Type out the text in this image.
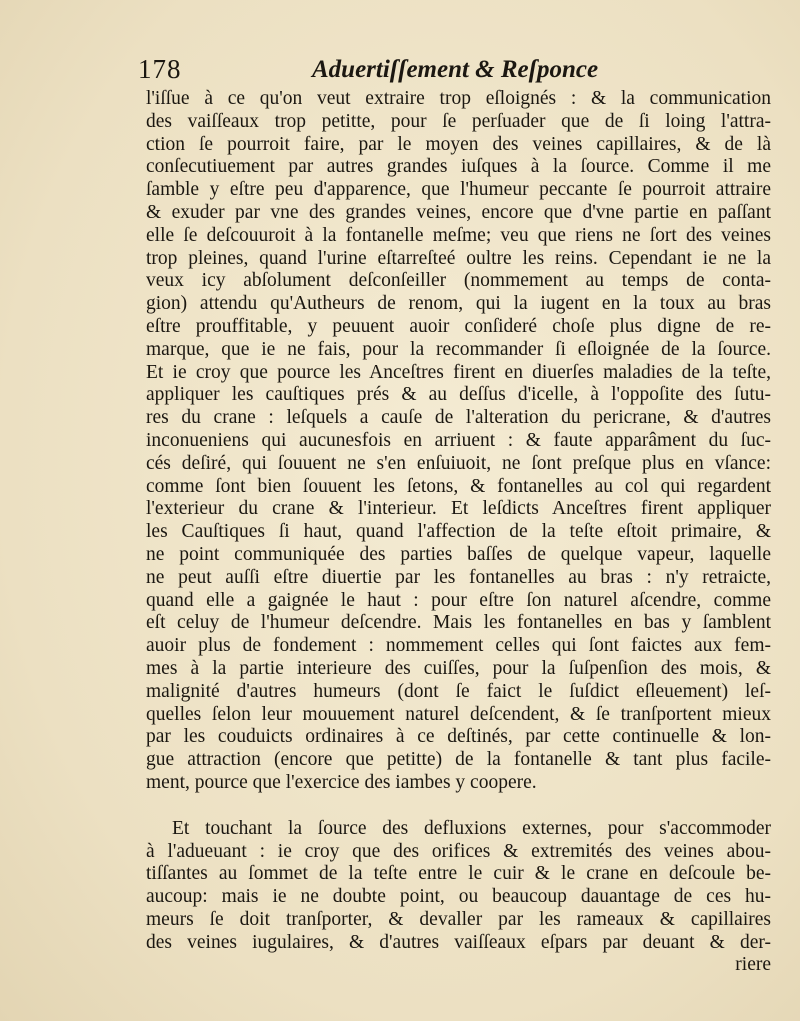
178	Aduertiſſement & Reſponce
l'iſſue à ce qu'on veut extraire trop eſloignés : & la communication
des vaiſſeaux trop petitte, pour ſe perſuader que de ſi loing l'attra-
ction ſe pourroit faire, par le moyen des veines capillaires, & de là
conſecutiuement par autres grandes iuſques à la ſource. Comme il me
ſamble y eſtre peu d'apparence, que l'humeur peccante ſe pourroit attraire
& exuder par vne des grandes veines, encore que d'vne partie en paſſant
elle ſe deſcouuroit à la fontanelle meſme; veu que riens ne ſort des veines
trop pleines, quand l'urine eſtarreſteé oultre les reins. Cependant ie ne la
veux icy abſolument deſconſeiller (nommement au temps de conta-
gion) attendu qu'Autheurs de renom, qui la iugent en la toux au bras
eſtre prouffitable, y peuuent auoir conſideré choſe plus digne de re-
marque, que ie ne fais, pour la recommander ſi eſloignée de la ſource.
Et ie croy que pource les Anceſtres firent en diuerſes maladies de la teſte,
appliquer les cauſtiques prés & au deſſus d'icelle, à l'oppoſite des ſutu-
res du crane : leſquels a cauſe de l'alteration du pericrane, & d'autres
inconueniens qui aucunesfois en arriuent : & faute apparâment du ſuc-
cés deſiré, qui ſouuent ne s'en enſuiuoit, ne ſont preſque plus en vſance:
comme ſont bien ſouuent les ſetons, & fontanelles au col qui regardent
l'exterieur du crane & l'interieur. Et leſdicts Anceſtres firent appliquer
les Cauſtiques ſi haut, quand l'affection de la teſte eſtoit primaire, &
ne point communiquée des parties baſſes de quelque vapeur, laquelle
ne peut auſſi eſtre diuertie par les fontanelles au bras : n'y retraicte,
quand elle a gaignée le haut : pour eſtre ſon naturel aſcendre, comme
eſt celuy de l'humeur deſcendre. Mais les fontanelles en bas y ſamblent
auoir plus de fondement : nommement celles qui ſont faictes aux fem-
mes à la partie interieure des cuiſſes, pour la ſuſpenſion des mois, &
malignité d'autres humeurs (dont ſe faict le ſuſdict eſleuement) leſ-
quelles ſelon leur mouuement naturel deſcendent, & ſe tranſportent mieux
par les couduicts ordinaires à ce deſtinés, par cette continuelle & lon-
gue attraction (encore que petitte) de la fontanelle & tant plus facile-
ment, pource que l'exercice des iambes y coopere.
Et touchant la ſource des defluxions externes, pour s'accommoder
à l'adueuant : ie croy que des orifices & extremités des veines abou-
tiſſantes au ſommet de la teſte entre le cuir & le crane en deſcoule be-
aucoup: mais ie ne doubte point, ou beaucoup dauantage de ces hu-
meurs ſe doit tranſporter, & devaller par les rameaux & capillaires
des veines iugulaires, & d'autres vaiſſeaux eſpars par deuant & der-
riere
